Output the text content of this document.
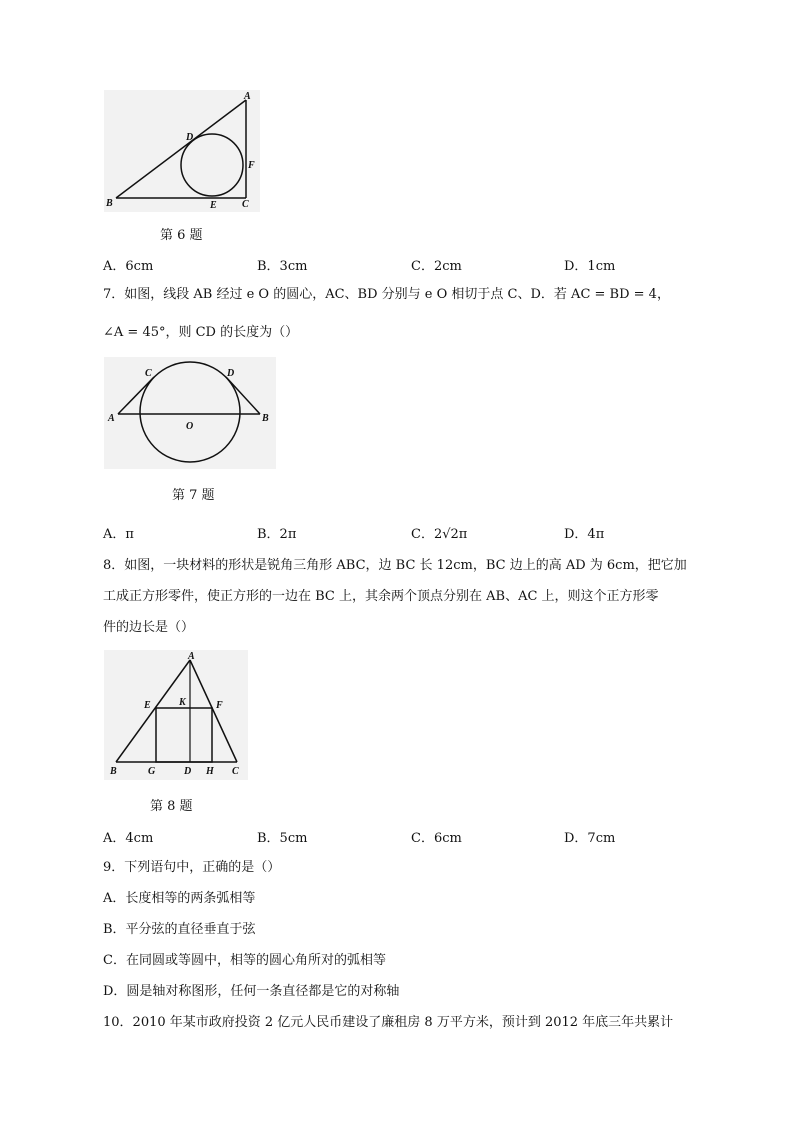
A
B	C
D
E
F
第 6 题
A．6cm	B．3cm	C．2cm	D．1cm
7．如图，线段 AB 经过 e O 的圆心，AC、BD 分别与 e O 相切于点 C、D．若 AC = BD = 4，
∠A = 45°，则 CD 的长度为（）
A	B
C	D
O
第 7 题
A．π	B．2π	C．2√2π	D．4π
8．如图，一块材料的形状是锐角三角形 ABC，边 BC 长 12cm，BC 边上的高 AD 为 6cm，把它加
工成正方形零件，使正方形的一边在 BC 上，其余两个顶点分别在 AB、AC 上，则这个正方形零
件的边长是（）
A
E	K	F
B	G	D H C
第 8 题
A．4cm	B．5cm	C．6cm	D．7cm
9．下列语句中，正确的是（）
A．长度相等的两条弧相等
B．平分弦的直径垂直于弦
C．在同圆或等圆中，相等的圆心角所对的弧相等
D．圆是轴对称图形，任何一条直径都是它的对称轴
10．2010 年某市政府投资 2 亿元人民币建设了廉租房 8 万平方米，预计到 2012 年底三年共累计
